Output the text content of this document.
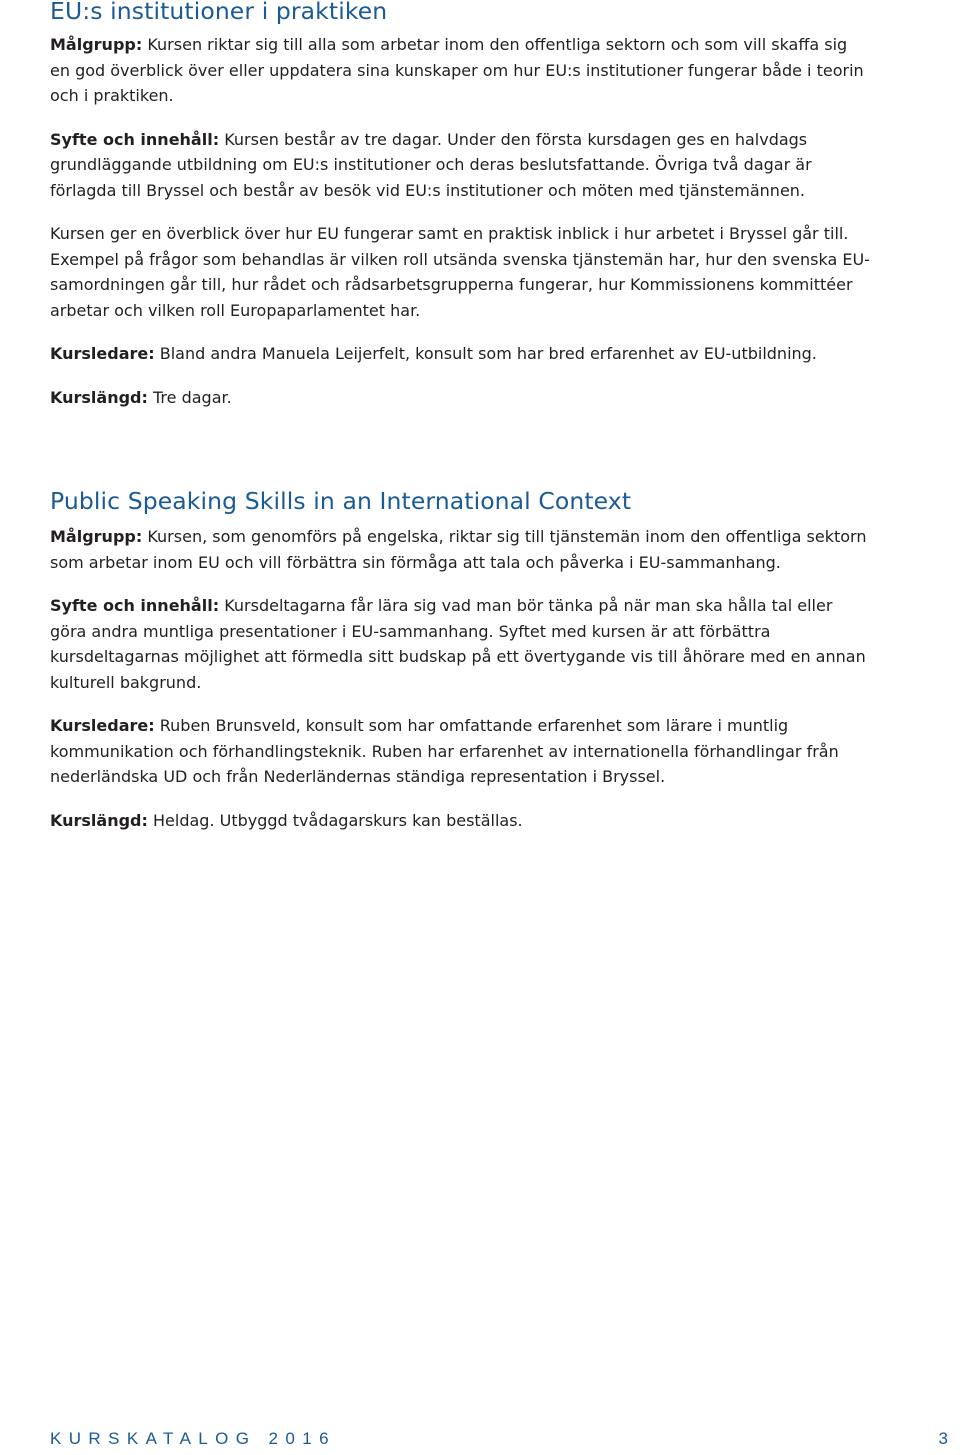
EU:s institutioner i praktiken

Målgrupp: Kursen riktar sig till alla som arbetar inom den offentliga sektorn och som vill skaffa sig en god överblick över eller uppdatera sina kunskaper om hur EU:s institutioner fungerar både i teorin och i praktiken.

Syfte och innehåll: Kursen består av tre dagar. Under den första kursdagen ges en halvdags grundläggande utbildning om EU:s institutioner och deras beslutsfattande. Övriga två dagar är förlagda till Bryssel och består av besök vid EU:s institutioner och möten med tjänstemännen.

Kursen ger en överblick över hur EU fungerar samt en praktisk inblick i hur arbetet i Bryssel går till. Exempel på frågor som behandlas är vilken roll utsända svenska tjänstemän har, hur den svenska EU-samordningen går till, hur rådet och rådsarbetsgrupperna fungerar, hur Kommissionens kommittéer arbetar och vilken roll Europaparlamentet har.

Kursledare: Bland andra Manuela Leijerfelt, konsult som har bred erfarenhet av EU-utbildning.

Kurslängd: Tre dagar.

Public Speaking Skills in an International Context

Målgrupp: Kursen, som genomförs på engelska, riktar sig till tjänstemän inom den offentliga sektorn som arbetar inom EU och vill förbättra sin förmåga att tala och påverka i EU-sammanhang.

Syfte och innehåll: Kursdeltagarna får lära sig vad man bör tänka på när man ska hålla tal eller göra andra muntliga presentationer i EU-sammanhang. Syftet med kursen är att förbättra kursdeltagarnas möjlighet att förmedla sitt budskap på ett övertygande vis till åhörare med en annan kulturell bakgrund.

Kursledare: Ruben Brunsveld, konsult som har omfattande erfarenhet som lärare i muntlig kommunikation och förhandlingsteknik. Ruben har erfarenhet av internationella förhandlingar från nederländska UD och från Nederländernas ständiga representation i Bryssel.

Kurslängd: Heldag. Utbyggd tvådagarskurs kan beställas.

KURSKATALOG 2016	3
